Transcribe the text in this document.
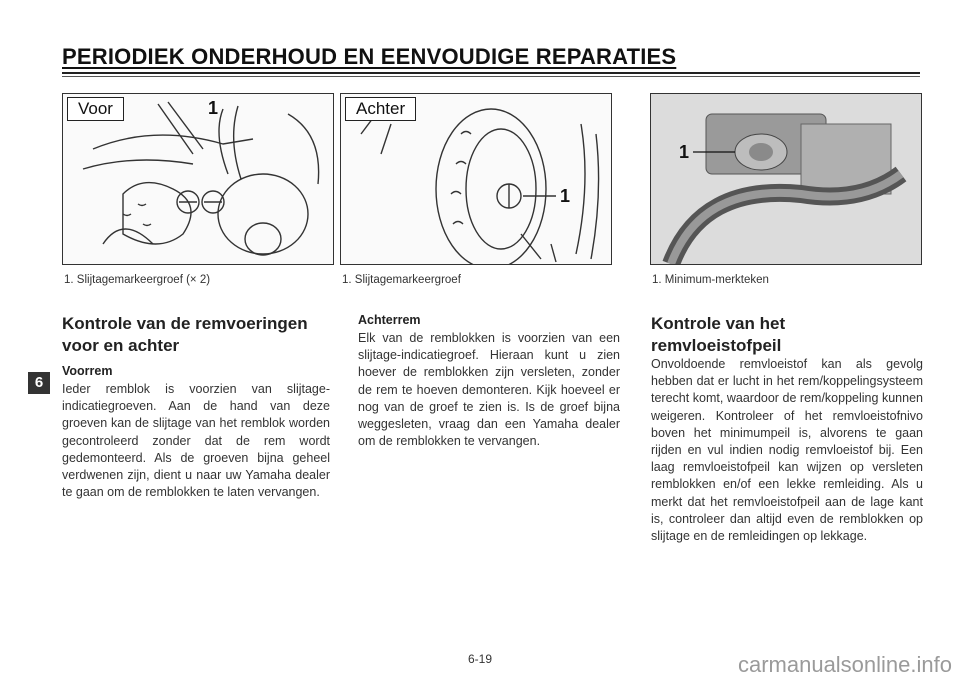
PERIODIEK ONDERHOUD EN EENVOUDIGE REPARATIES
Voor	1	Achter
1
1
1. Slijtagemarkeergroef (× 2)	1. Slijtagemarkeergroef	1. Minimum-merkteken
6
Kontrole van de remvoeringen
voor en achter
Voorrem

Ieder remblok is voorzien van slijtage-indicatiegroeven. Aan de hand van deze groeven kan de slijtage van het remblok worden gecontroleerd zonder dat de rem wordt gedemonteerd. Als de groeven bijna geheel verdwenen zijn, dient u naar uw Yamaha dealer te gaan om de remblokken te laten vervangen.

Achterrem

Elk van de remblokken is voorzien van een slijtage-indicatiegroef. Hieraan kunt u zien hoever de remblokken zijn versleten, zonder de rem te hoeven demonteren. Kijk hoeveel er nog van de groef te zien is. Is de groef bijna weggesleten, vraag dan een Yamaha dealer om de remblokken te vervangen.

Kontrole van het
remvloeistofpeil

Onvoldoende remvloeistof kan als gevolg hebben dat er lucht in het rem/koppelingsysteem terecht komt, waardoor de rem/koppeling kunnen weigeren. Kontroleer of het remvloeistofnivo boven het minimumpeil is, alvorens te gaan rijden en vul indien nodig remvloeistof bij. Een laag remvloeistofpeil kan wijzen op versleten remblokken en/of een lekke remleiding. Als u merkt dat het remvloeistofpeil aan de lage kant is, controleer dan altijd even de remblokken op slijtage en de remleidingen op lekkage.

6-19	carmanualsonline.info
